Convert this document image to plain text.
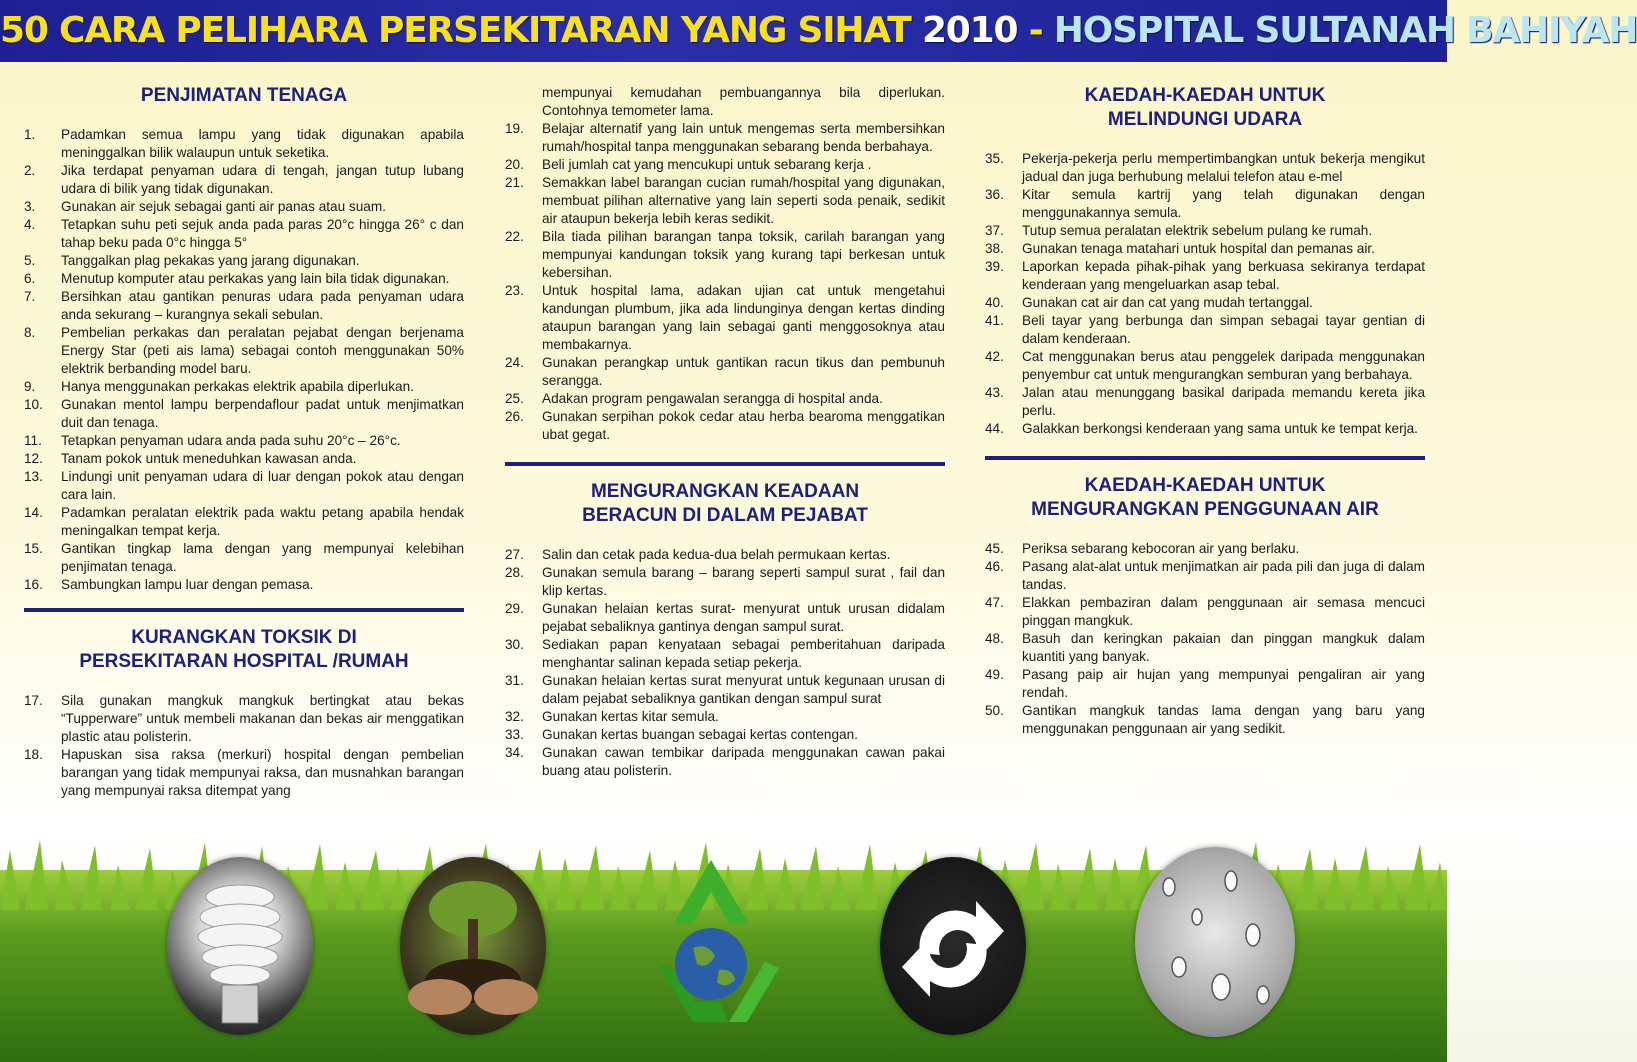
50 CARA PELIHARA PERSEKITARAN YANG SIHAT 2010 - HOSPITAL SULTANAH BAHIYAH
PENJIMATAN TENAGA
1.	Padamkan semua lampu yang tidak digunakan apabila meninggalkan bilik walaupun untuk seketika.
2.	Jika terdapat penyaman udara di tengah, jangan tutup lubang udara di bilik yang tidak digunakan.
3.	Gunakan air sejuk sebagai ganti air panas atau suam.
4.	Tetapkan suhu peti sejuk anda pada paras 20°c hingga 26° c dan tahap beku pada 0°c hingga 5°
5.	Tanggalkan plag pekakas yang jarang digunakan.
6.	Menutup komputer atau perkakas yang lain bila tidak digunakan.
7.	Bersihkan atau gantikan penuras udara pada penyaman udara anda sekurang – kurangnya sekali sebulan.
8.	Pembelian perkakas dan peralatan pejabat dengan berjenama Energy Star (peti ais lama) sebagai contoh menggunakan 50% elektrik berbanding model baru.
9.	Hanya menggunakan perkakas elektrik apabila diperlukan.
10.	Gunakan mentol lampu berpendaflour padat untuk menjimatkan duit dan tenaga.
11.	Tetapkan penyaman udara anda pada suhu 20°c – 26°c.
12.	Tanam pokok untuk meneduhkan kawasan anda.
13.	Lindungi unit penyaman udara di luar dengan pokok atau dengan cara lain.
14.	Padamkan peralatan elektrik pada waktu petang apabila hendak meningalkan tempat kerja.
15.	Gantikan tingkap lama dengan yang mempunyai kelebihan penjimatan tenaga.
16.	Sambungkan lampu luar dengan pemasa.
KURANGKAN TOKSIK DI
PERSEKITARAN HOSPITAL /RUMAH
17.	Sila gunakan mangkuk mangkuk bertingkat atau bekas “Tupperware” untuk membeli makanan dan bekas air menggatikan plastic atau polisterin.
18.	Hapuskan sisa raksa (merkuri) hospital dengan pembelian barangan yang tidak mempunyai raksa, dan musnahkan barangan yang mempunyai raksa ditempat yang
mempunyai kemudahan pembuangannya bila diperlukan. Contohnya temometer lama.
19.	Belajar alternatif yang lain untuk mengemas serta membersihkan rumah/hospital tanpa menggunakan sebarang benda berbahaya.
20.	Beli jumlah cat yang mencukupi untuk sebarang kerja .
21.	Semakkan label barangan cucian rumah/hospital yang digunakan, membuat pilihan alternative yang lain seperti soda penaik, sedikit air ataupun bekerja lebih keras sedikit.
22.	Bila tiada pilihan barangan tanpa toksik, carilah barangan yang mempunyai kandungan toksik yang kurang tapi berkesan untuk kebersihan.
23.	Untuk hospital lama, adakan ujian cat untuk mengetahui kandungan plumbum, jika ada lindunginya dengan kertas dinding ataupun barangan yang lain sebagai ganti menggosoknya atau membakarnya.
24.	Gunakan perangkap untuk gantikan racun tikus dan pembunuh serangga.
25.	Adakan program pengawalan serangga di hospital anda.
26.	Gunakan serpihan pokok cedar atau herba bearoma menggatikan ubat gegat.
MENGURANGKAN KEADAAN
BERACUN DI DALAM PEJABAT
27.	Salin dan cetak pada kedua-dua belah permukaan kertas.
28.	Gunakan semula barang – barang seperti sampul surat , fail dan klip kertas.
29.	Gunakan helaian kertas surat- menyurat untuk urusan didalam pejabat sebaliknya gantinya dengan sampul surat.
30.	Sediakan papan kenyataan sebagai pemberitahuan daripada menghantar salinan kepada setiap pekerja.
31.	Gunakan helaian kertas surat menyurat untuk kegunaan urusan di dalam pejabat sebaliknya gantikan dengan sampul surat
32.	Gunakan kertas kitar semula.
33.	Gunakan kertas buangan sebagai kertas contengan.
34.	Gunakan cawan tembikar daripada menggunakan cawan pakai buang atau polisterin.
KAEDAH-KAEDAH UNTUK
MELINDUNGI UDARA
35.	Pekerja-pekerja perlu mempertimbangkan untuk bekerja mengikut jadual dan juga berhubung melalui telefon atau e-mel
36.	Kitar semula kartrij yang telah digunakan dengan menggunakannya semula.
37.	Tutup semua peralatan elektrik sebelum pulang ke rumah.
38.	Gunakan tenaga matahari untuk hospital dan pemanas air.
39.	Laporkan kepada pihak-pihak yang berkuasa sekiranya terdapat kenderaan yang mengeluarkan asap tebal.
40.	Gunakan cat air dan cat yang mudah tertanggal.
41.	Beli tayar yang berbunga dan simpan sebagai tayar gentian di dalam kenderaan.
42.	Cat menggunakan berus atau penggelek daripada menggunakan penyembur cat untuk mengurangkan semburan yang berbahaya.
43.	Jalan atau menunggang basikal daripada memandu kereta jika perlu.
44.	Galakkan berkongsi kenderaan yang sama untuk ke tempat kerja.
KAEDAH-KAEDAH UNTUK
MENGURANGKAN PENGGUNAAN AIR
45.	Periksa sebarang kebocoran air yang berlaku.
46.	Pasang alat-alat untuk menjimatkan air pada pili dan juga di dalam tandas.
47.	Elakkan pembaziran dalam penggunaan air semasa mencuci pinggan mangkuk.
48.	Basuh dan keringkan pakaian dan pinggan mangkuk dalam kuantiti yang banyak.
49.	Pasang paip air hujan yang mempunyai pengaliran air yang rendah.
50.	Gantikan mangkuk tandas lama dengan yang baru yang menggunakan penggunaan air yang sedikit.
